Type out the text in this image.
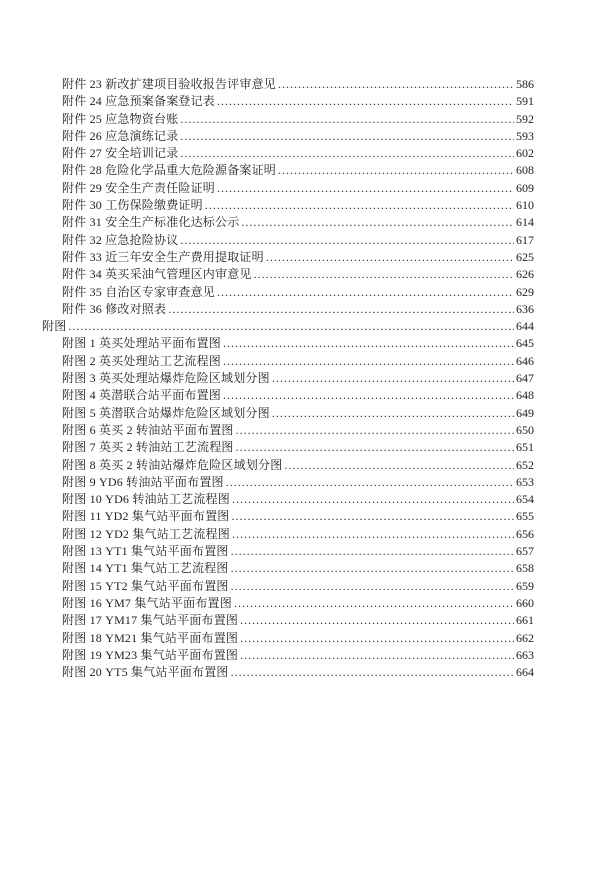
附件 23 新改扩建项目验收报告评审意见 .....	586
附件 24 应急预案备案登记表 .....	591
附件 25 应急物资台账 .....	592
附件 26 应急演练记录 .....	593
附件 27 安全培训记录 .....	602
附件 28 危险化学品重大危险源备案证明 .....	608
附件 29 安全生产责任险证明 .....	609
附件 30 工伤保险缴费证明 .....	610
附件 31 安全生产标准化达标公示 .....	614
附件 32 应急抢险协议 .....	617
附件 33 近三年安全生产费用提取证明 .....	625
附件 34 英买采油气管理区内审意见 .....	626
附件 35 自治区专家审查意见 .....	629
附件 36 修改对照表 .....	636
附图 .....	644
附图 1 英买处理站平面布置图 .....	645
附图 2 英买处理站工艺流程图 .....	646
附图 3 英买处理站爆炸危险区域划分图 .....	647
附图 4 英潜联合站平面布置图 .....	648
附图 5 英潜联合站爆炸危险区域划分图 .....	649
附图 6 英买 2 转油站平面布置图 .....	650
附图 7 英买 2 转油站工艺流程图 .....	651
附图 8 英买 2 转油站爆炸危险区域划分图 .....	652
附图 9 YD6 转油站平面布置图 .....	653
附图 10 YD6 转油站工艺流程图 .....	654
附图 11 YD2 集气站平面布置图 .....	655
附图 12 YD2 集气站工艺流程图 .....	656
附图 13 YT1 集气站平面布置图 .....	657
附图 14 YT1 集气站工艺流程图 .....	658
附图 15 YT2 集气站平面布置图 .....	659
附图 16 YM7 集气站平面布置图 .....	660
附图 17 YM17 集气站平面布置图 .....	661
附图 18 YM21 集气站平面布置图 .....	662
附图 19 YM23 集气站平面布置图 .....	663
附图 20 YT5 集气站平面布置图 .....	664
